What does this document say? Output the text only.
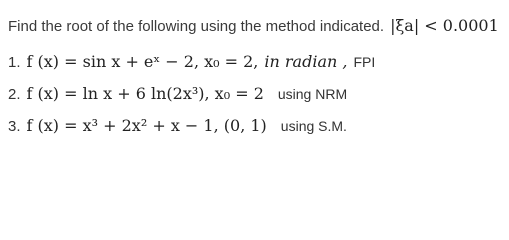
Find the root of the following using the method indicated. |ξa| < 0.0001
1. f (x) = sin x + eˣ − 2, x₀ = 2, in radian , FPI
2. f (x) = ln x + 6 ln(2x³), x₀ = 2 using NRM
3. f (x) = x³ + 2x² + x − 1, (0, 1) using S.M.
